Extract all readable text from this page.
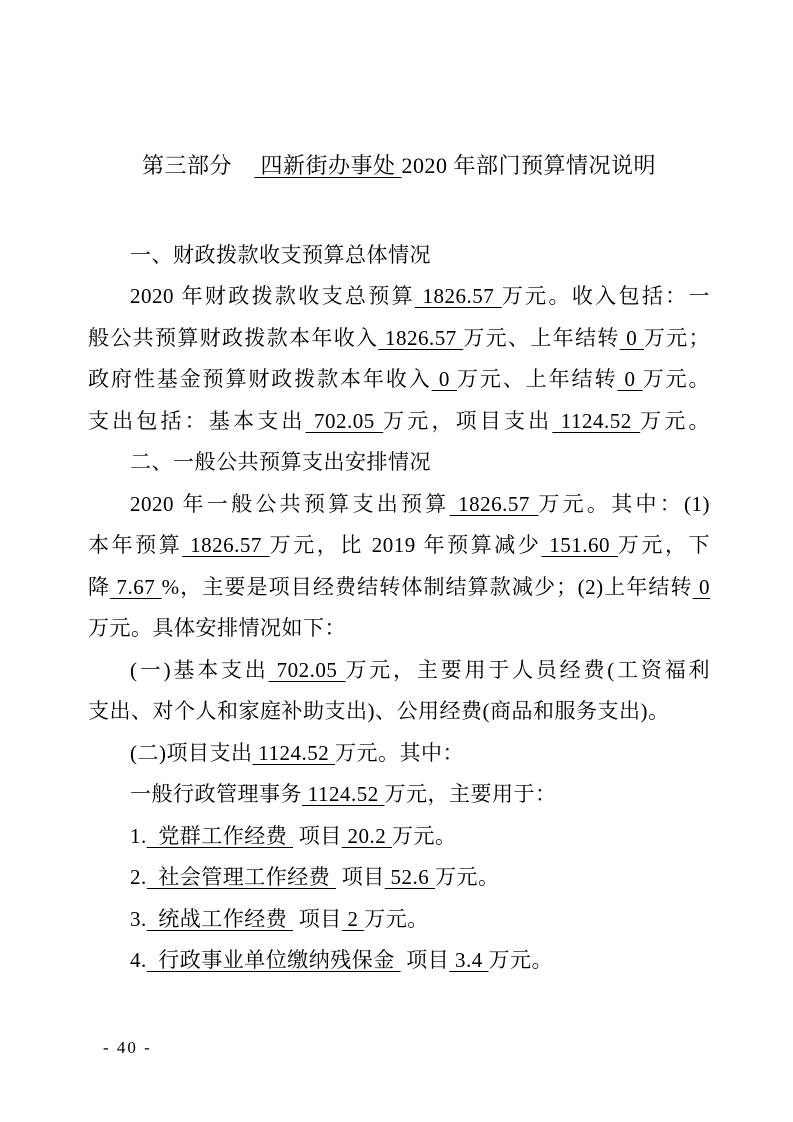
第三部分　 四新街办事处 2020 年部门预算情况说明
一、财政拨款收支预算总体情况
2020 年财政拨款收支总预算 1826.57 万元。收入包括：一
般公共预算财政拨款本年收入 1826.57 万元、上年结转 0 万元；
政府性基金预算财政拨款本年收入 0 万元、上年结转 0 万元。
支出包括：基本支出 702.05 万元，项目支出 1124.52 万元。
二、一般公共预算支出安排情况
2020 年一般公共预算支出预算 1826.57 万元。其中：(1)
本年预算 1826.57 万元，比 2019 年预算减少 151.60 万元，下
降 7.67 %，主要是项目经费结转体制结算款减少；(2)上年结转 0
万元。具体安排情况如下：
(一)基本支出 702.05 万元，主要用于人员经费(工资福利
支出、对个人和家庭补助支出)、公用经费(商品和服务支出)。
(二)项目支出 1124.52 万元。其中：
一般行政管理事务 1124.52 万元，主要用于：
1.  党群工作经费  项目 20.2 万元。
2.  社会管理工作经费  项目 52.6 万元。
3.  统战工作经费  项目 2 万元。
4.  行政事业单位缴纳残保金  项目 3.4 万元。
- 40 -
